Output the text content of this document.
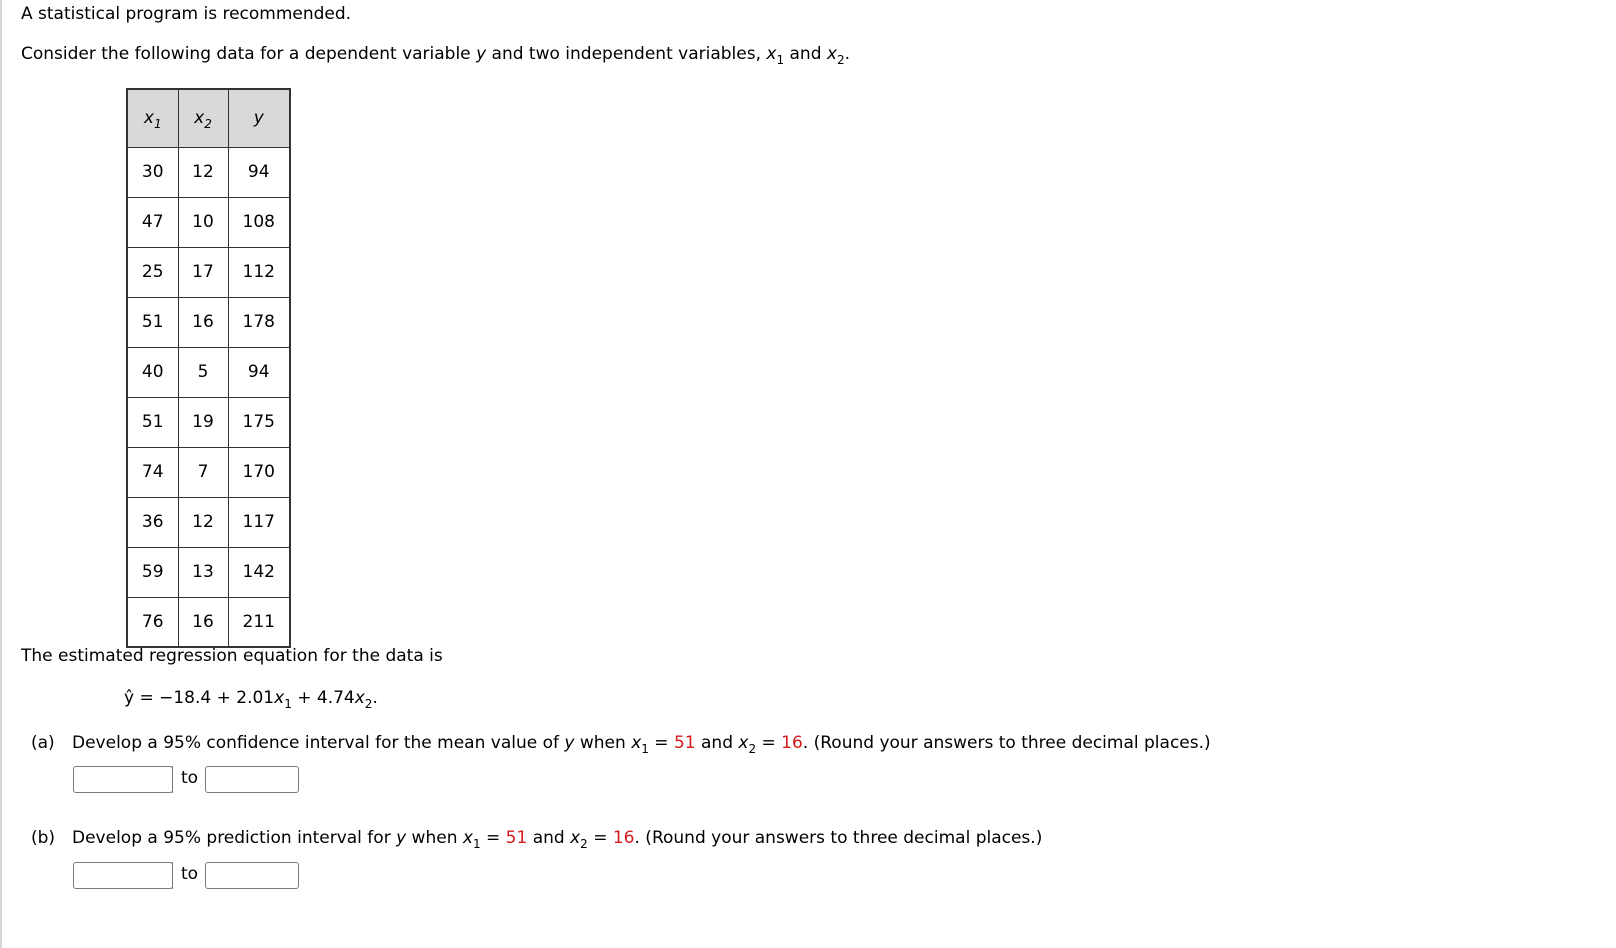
A statistical program is recommended.
Consider the following data for a dependent variable y and two independent variables, $x_1$ and $x_2$.
$x_1$	$x_2$	y
30	12	94
47	10	108
25	17	112
51	16	178
40	5	94
51	19	175
74	7	170
36	12	117
59	13	142
76	16	211
The estimated regression equation for the data is
ŷ = $-18.4 + 2.01x_1 + 4.74x_2$.
(a) Develop a 95% confidence interval for the mean value of y when $x_1 = 51$ and $x_2 = 16$. (Round your answers to three decimal places.)
to
(b) Develop a 95% prediction interval for y when $x_1 = 51$ and $x_2 = 16$. (Round your answers to three decimal places.)
to
